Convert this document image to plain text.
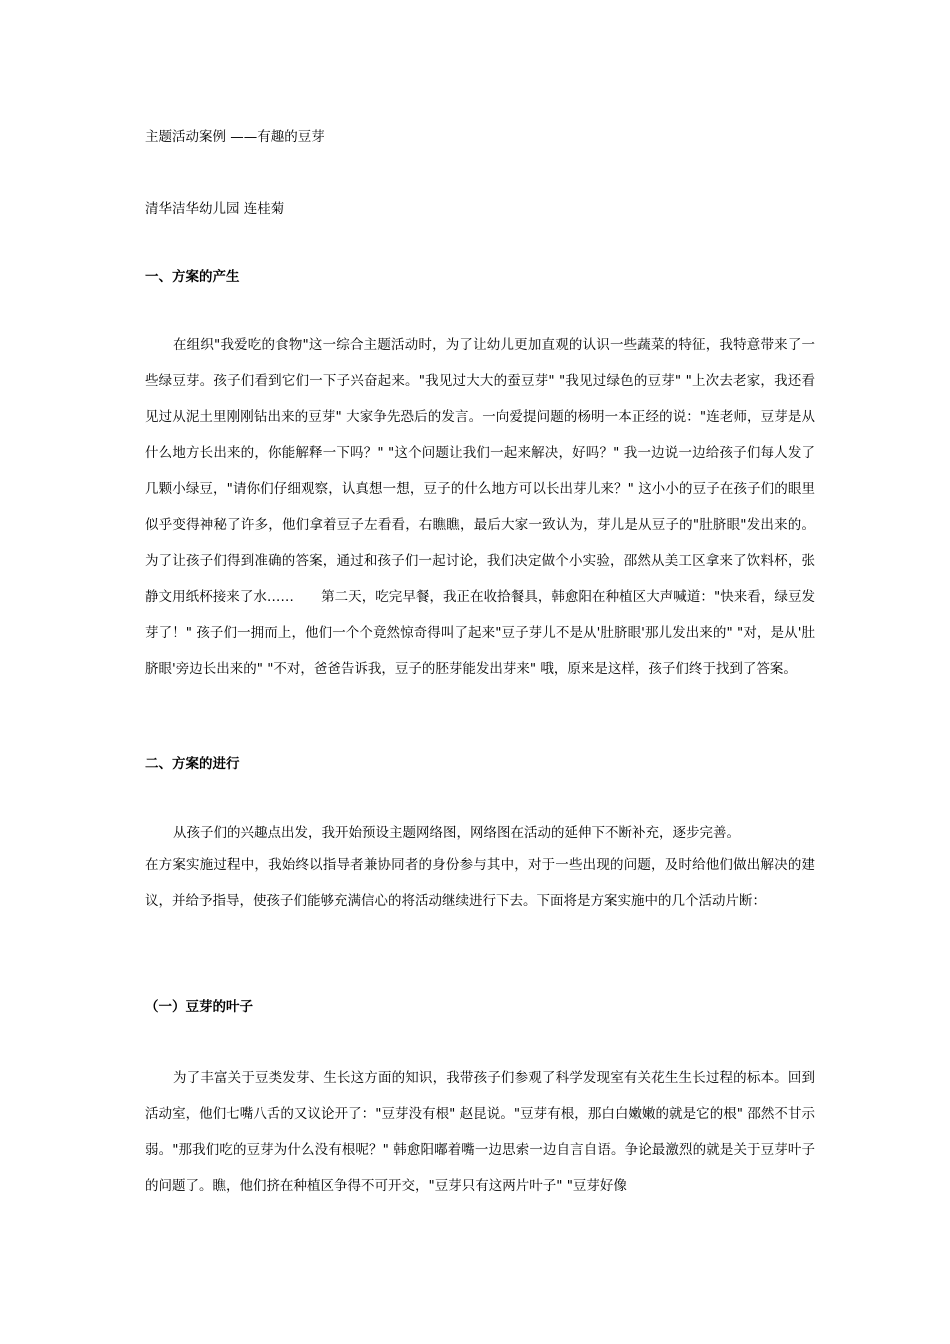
主题活动案例 ——有趣的豆芽

清华洁华幼儿园 连桂菊

一、方案的产生

在组织"我爱吃的食物"这一综合主题活动时，为了让幼儿更加直观的认识一些蔬菜的特征，我特意带来了一些绿豆芽。孩子们看到它们一下子兴奋起来。"我见过大大的蚕豆芽" "我见过绿色的豆芽" "上次去老家，我还看见过从泥土里刚刚钻出来的豆芽" 大家争先恐后的发言。一向爱提问题的杨明一本正经的说："连老师，豆芽是从什么地方长出来的，你能解释一下吗？" "这个问题让我们一起来解决，好吗？" 我一边说一边给孩子们每人发了几颗小绿豆，"请你们仔细观察，认真想一想，豆子的什么地方可以长出芽儿来？" 这小小的豆子在孩子们的眼里似乎变得神秘了许多，他们拿着豆子左看看，右瞧瞧，最后大家一致认为，芽儿是从豆子的"肚脐眼"发出来的。为了让孩子们得到准确的答案，通过和孩子们一起讨论，我们决定做个小实验，邵然从美工区拿来了饮料杯，张静文用纸杯接来了水……　　第二天，吃完早餐，我正在收拾餐具，韩愈阳在种植区大声喊道："快来看，绿豆发芽了！" 孩子们一拥而上，他们一个个竟然惊奇得叫了起来"豆子芽儿不是从'肚脐眼'那儿发出来的" "对，是从'肚脐眼'旁边长出来的" "不对，爸爸告诉我，豆子的胚芽能发出芽来" 哦，原来是这样，孩子们终于找到了答案。

二、方案的进行

从孩子们的兴趣点出发，我开始预设主题网络图，网络图在活动的延伸下不断补充，逐步完善。

在方案实施过程中，我始终以指导者兼协同者的身份参与其中，对于一些出现的问题，及时给他们做出解决的建议，并给予指导，使孩子们能够充满信心的将活动继续进行下去。下面将是方案实施中的几个活动片断：

（一）豆芽的叶子

为了丰富关于豆类发芽、生长这方面的知识，我带孩子们参观了科学发现室有关花生生长过程的标本。回到活动室，他们七嘴八舌的又议论开了："豆芽没有根" 赵昆说。"豆芽有根，那白白嫩嫩的就是它的根" 邵然不甘示弱。"那我们吃的豆芽为什么没有根呢？" 韩愈阳嘟着嘴一边思索一边自言自语。争论最激烈的就是关于豆芽叶子的问题了。瞧，他们挤在种植区争得不可开交，"豆芽只有这两片叶子" "豆芽好像
